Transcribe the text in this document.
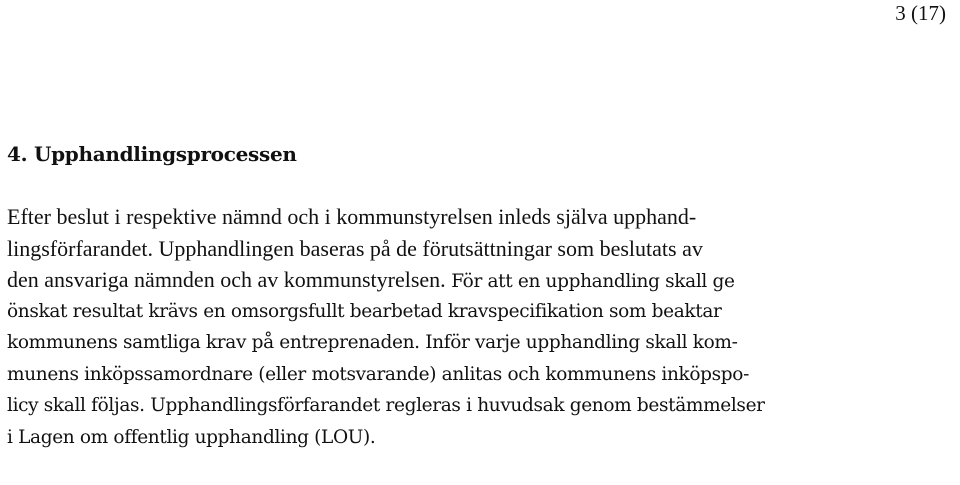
3 (17)
4. Upphandlingsprocessen
Efter beslut i respektive nämnd och i kommunstyrelsen inleds själva upphand-
lingsförfarandet. Upphandlingen baseras på de förutsättningar som beslutats av
den ansvariga nämnden och av kommunstyrelsen. För att en upphandling skall ge
önskat resultat krävs en omsorgsfullt bearbetad kravspecifikation som beaktar
kommunens samtliga krav på entreprenaden. Inför varje upphandling skall kom-
munens inköpssamordnare (eller motsvarande) anlitas och kommunens inköpspo-
licy skall följas. Upphandlingsförfarandet regleras i huvudsak genom bestämmelser
i Lagen om offentlig upphandling (LOU).
